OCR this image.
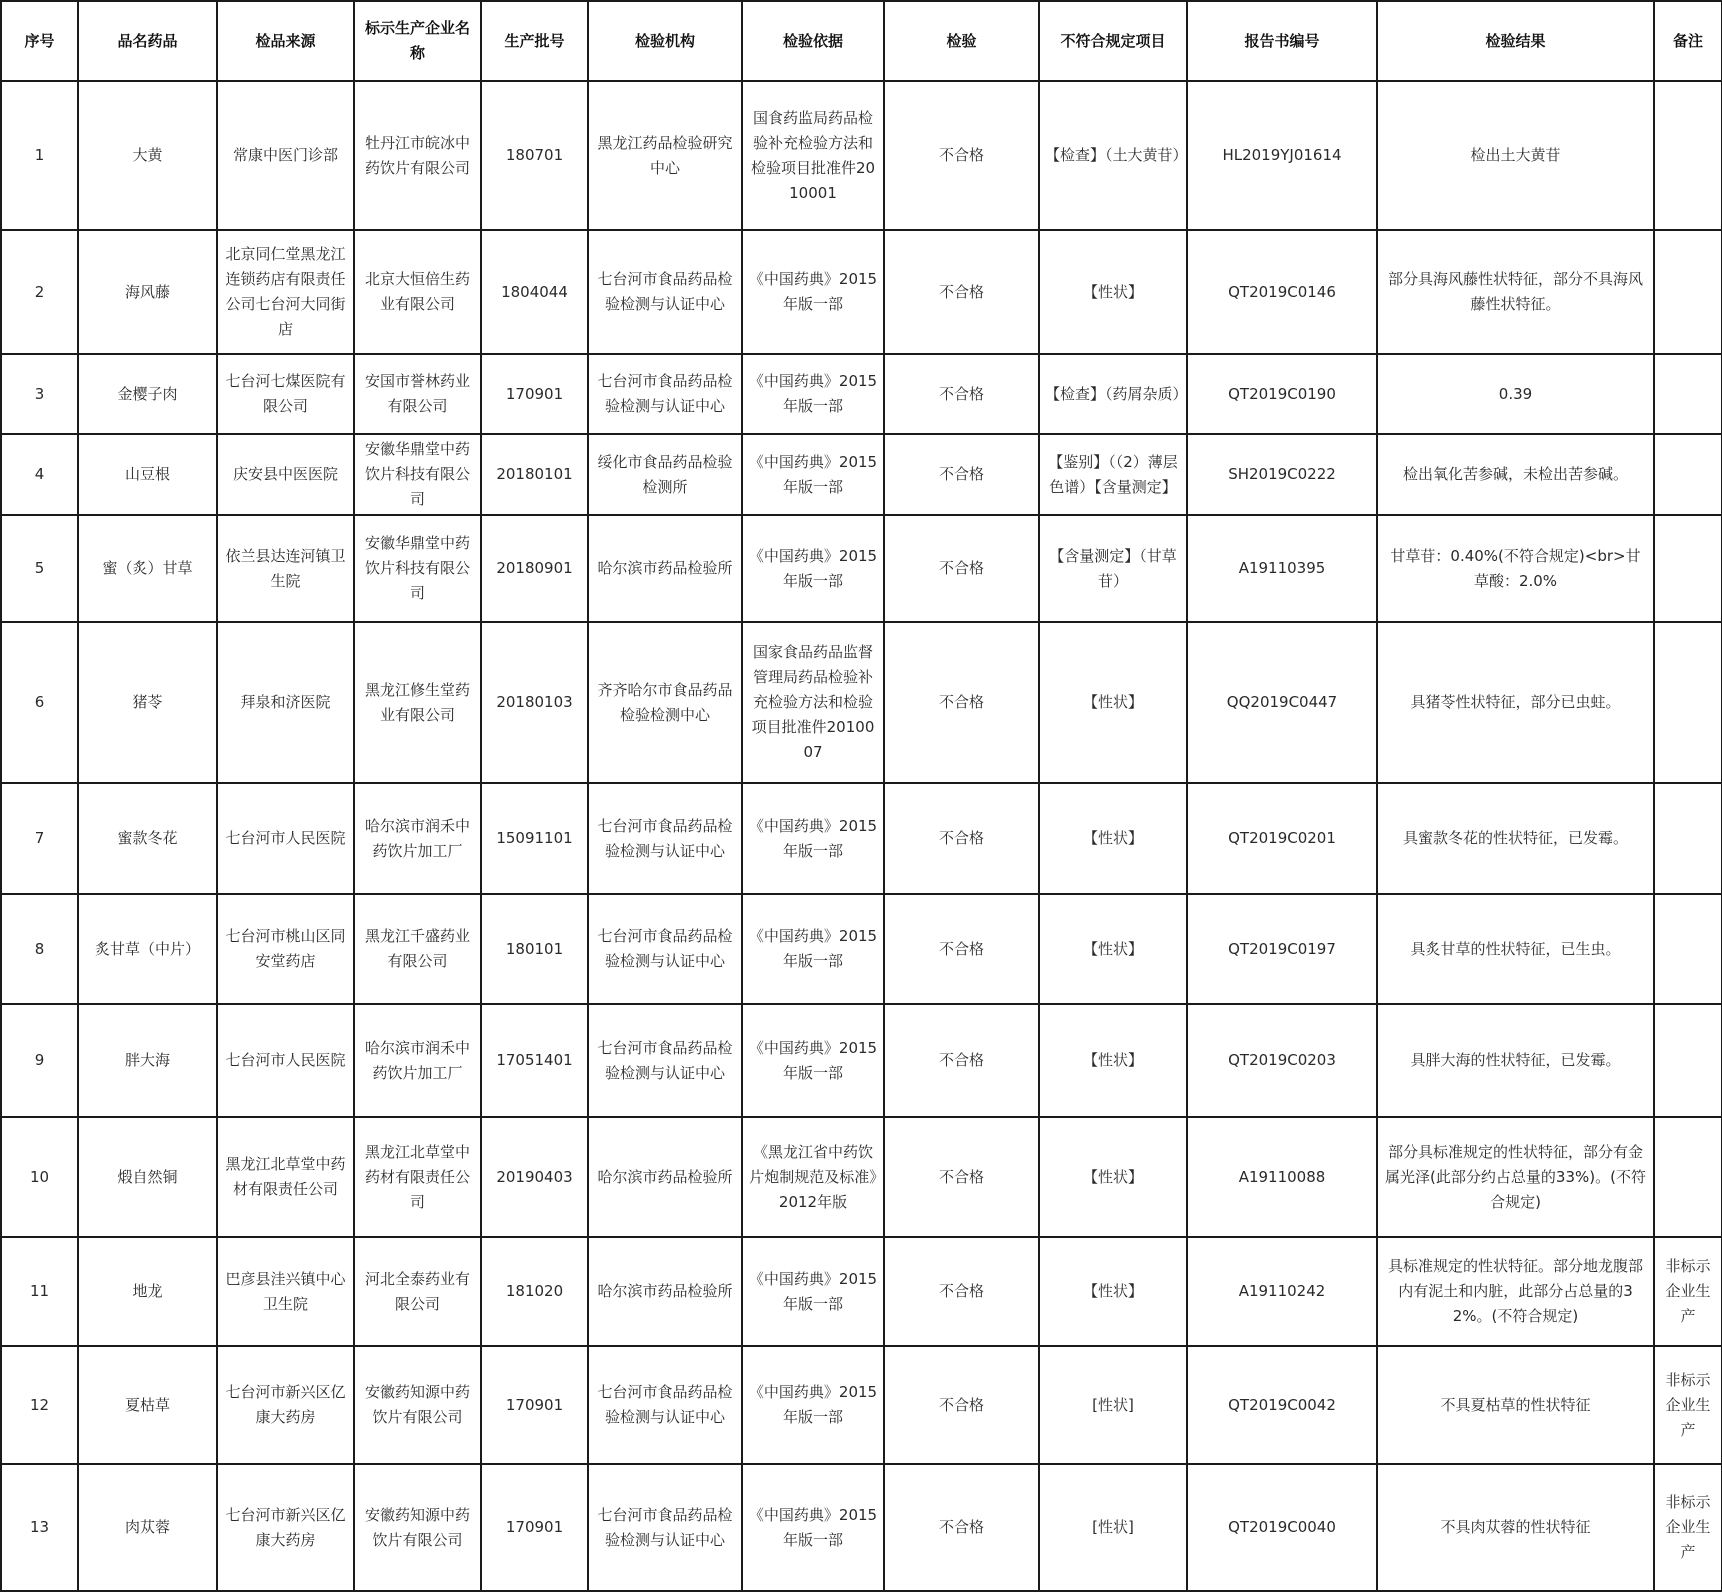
序号	品名药品	检品来源	标示生产企业名称	生产批号	检验机构	检验依据	检验	不符合规定项目	报告书编号	检验结果	备注
1	大黄	常康中医门诊部	牡丹江市皖冰中药饮片有限公司	180701	黑龙江药品检验研究中心	国食药监局药品检验补充检验方法和检验项目批准件2010001	不合格	【检查】（土大黄苷）	HL2019YJ01614	检出土大黄苷	
2	海风藤	北京同仁堂黑龙江连锁药店有限责任公司七台河大同街店	北京大恒倍生药业有限公司	1804044	七台河市食品药品检验检测与认证中心	《中国药典》2015年版一部	不合格	【性状】	QT2019C0146	部分具海风藤性状特征，部分不具海风藤性状特征。	
3	金樱子肉	七台河七煤医院有限公司	安国市誉林药业有限公司	170901	七台河市食品药品检验检测与认证中心	《中国药典》2015年版一部	不合格	【检查】（药屑杂质）	QT2019C0190	0.39	
4	山豆根	庆安县中医医院	安徽华鼎堂中药饮片科技有限公司	20180101	绥化市食品药品检验检测所	《中国药典》2015年版一部	不合格	【鉴别】（（2）薄层色谱）【含量测定】	SH2019C0222	检出氧化苦参碱，未检出苦参碱。	
5	蜜（炙）甘草	依兰县达连河镇卫生院	安徽华鼎堂中药饮片科技有限公司	20180901	哈尔滨市药品检验所	《中国药典》2015年版一部	不合格	【含量测定】（甘草苷）	A19110395	甘草苷：0.40%(不符合规定)<br>甘草酸：2.0%	
6	猪苓	拜泉和济医院	黑龙江修生堂药业有限公司	20180103	齐齐哈尔市食品药品检验检测中心	国家食品药品监督管理局药品检验补充检验方法和检验项目批准件2010007	不合格	【性状】	QQ2019C0447	具猪苓性状特征，部分已虫蛀。	
7	蜜款冬花	七台河市人民医院	哈尔滨市润禾中药饮片加工厂	15091101	七台河市食品药品检验检测与认证中心	《中国药典》2015年版一部	不合格	【性状】	QT2019C0201	具蜜款冬花的性状特征，已发霉。	
8	炙甘草（中片）	七台河市桃山区同安堂药店	黑龙江千盛药业有限公司	180101	七台河市食品药品检验检测与认证中心	《中国药典》2015年版一部	不合格	【性状】	QT2019C0197	具炙甘草的性状特征，已生虫。	
9	胖大海	七台河市人民医院	哈尔滨市润禾中药饮片加工厂	17051401	七台河市食品药品检验检测与认证中心	《中国药典》2015年版一部	不合格	【性状】	QT2019C0203	具胖大海的性状特征，已发霉。	
10	煅自然铜	黑龙江北草堂中药材有限责任公司	黑龙江北草堂中药材有限责任公司	20190403	哈尔滨市药品检验所	《黑龙江省中药饮片炮制规范及标准》2012年版	不合格	【性状】	A19110088	部分具标准规定的性状特征，部分有金属光泽(此部分约占总量的33%)。(不符合规定)	
11	地龙	巴彦县洼兴镇中心卫生院	河北全泰药业有限公司	181020	哈尔滨市药品检验所	《中国药典》2015年版一部	不合格	【性状】	A19110242	具标准规定的性状特征。部分地龙腹部内有泥土和内脏，此部分占总量的32%。(不符合规定)	非标示企业生产
12	夏枯草	七台河市新兴区亿康大药房	安徽药知源中药饮片有限公司	170901	七台河市食品药品检验检测与认证中心	《中国药典》2015年版一部	不合格	[性状]	QT2019C0042	不具夏枯草的性状特征	非标示企业生产
13	肉苁蓉	七台河市新兴区亿康大药房	安徽药知源中药饮片有限公司	170901	七台河市食品药品检验检测与认证中心	《中国药典》2015年版一部	不合格	[性状]	QT2019C0040	不具肉苁蓉的性状特征	非标示企业生产
